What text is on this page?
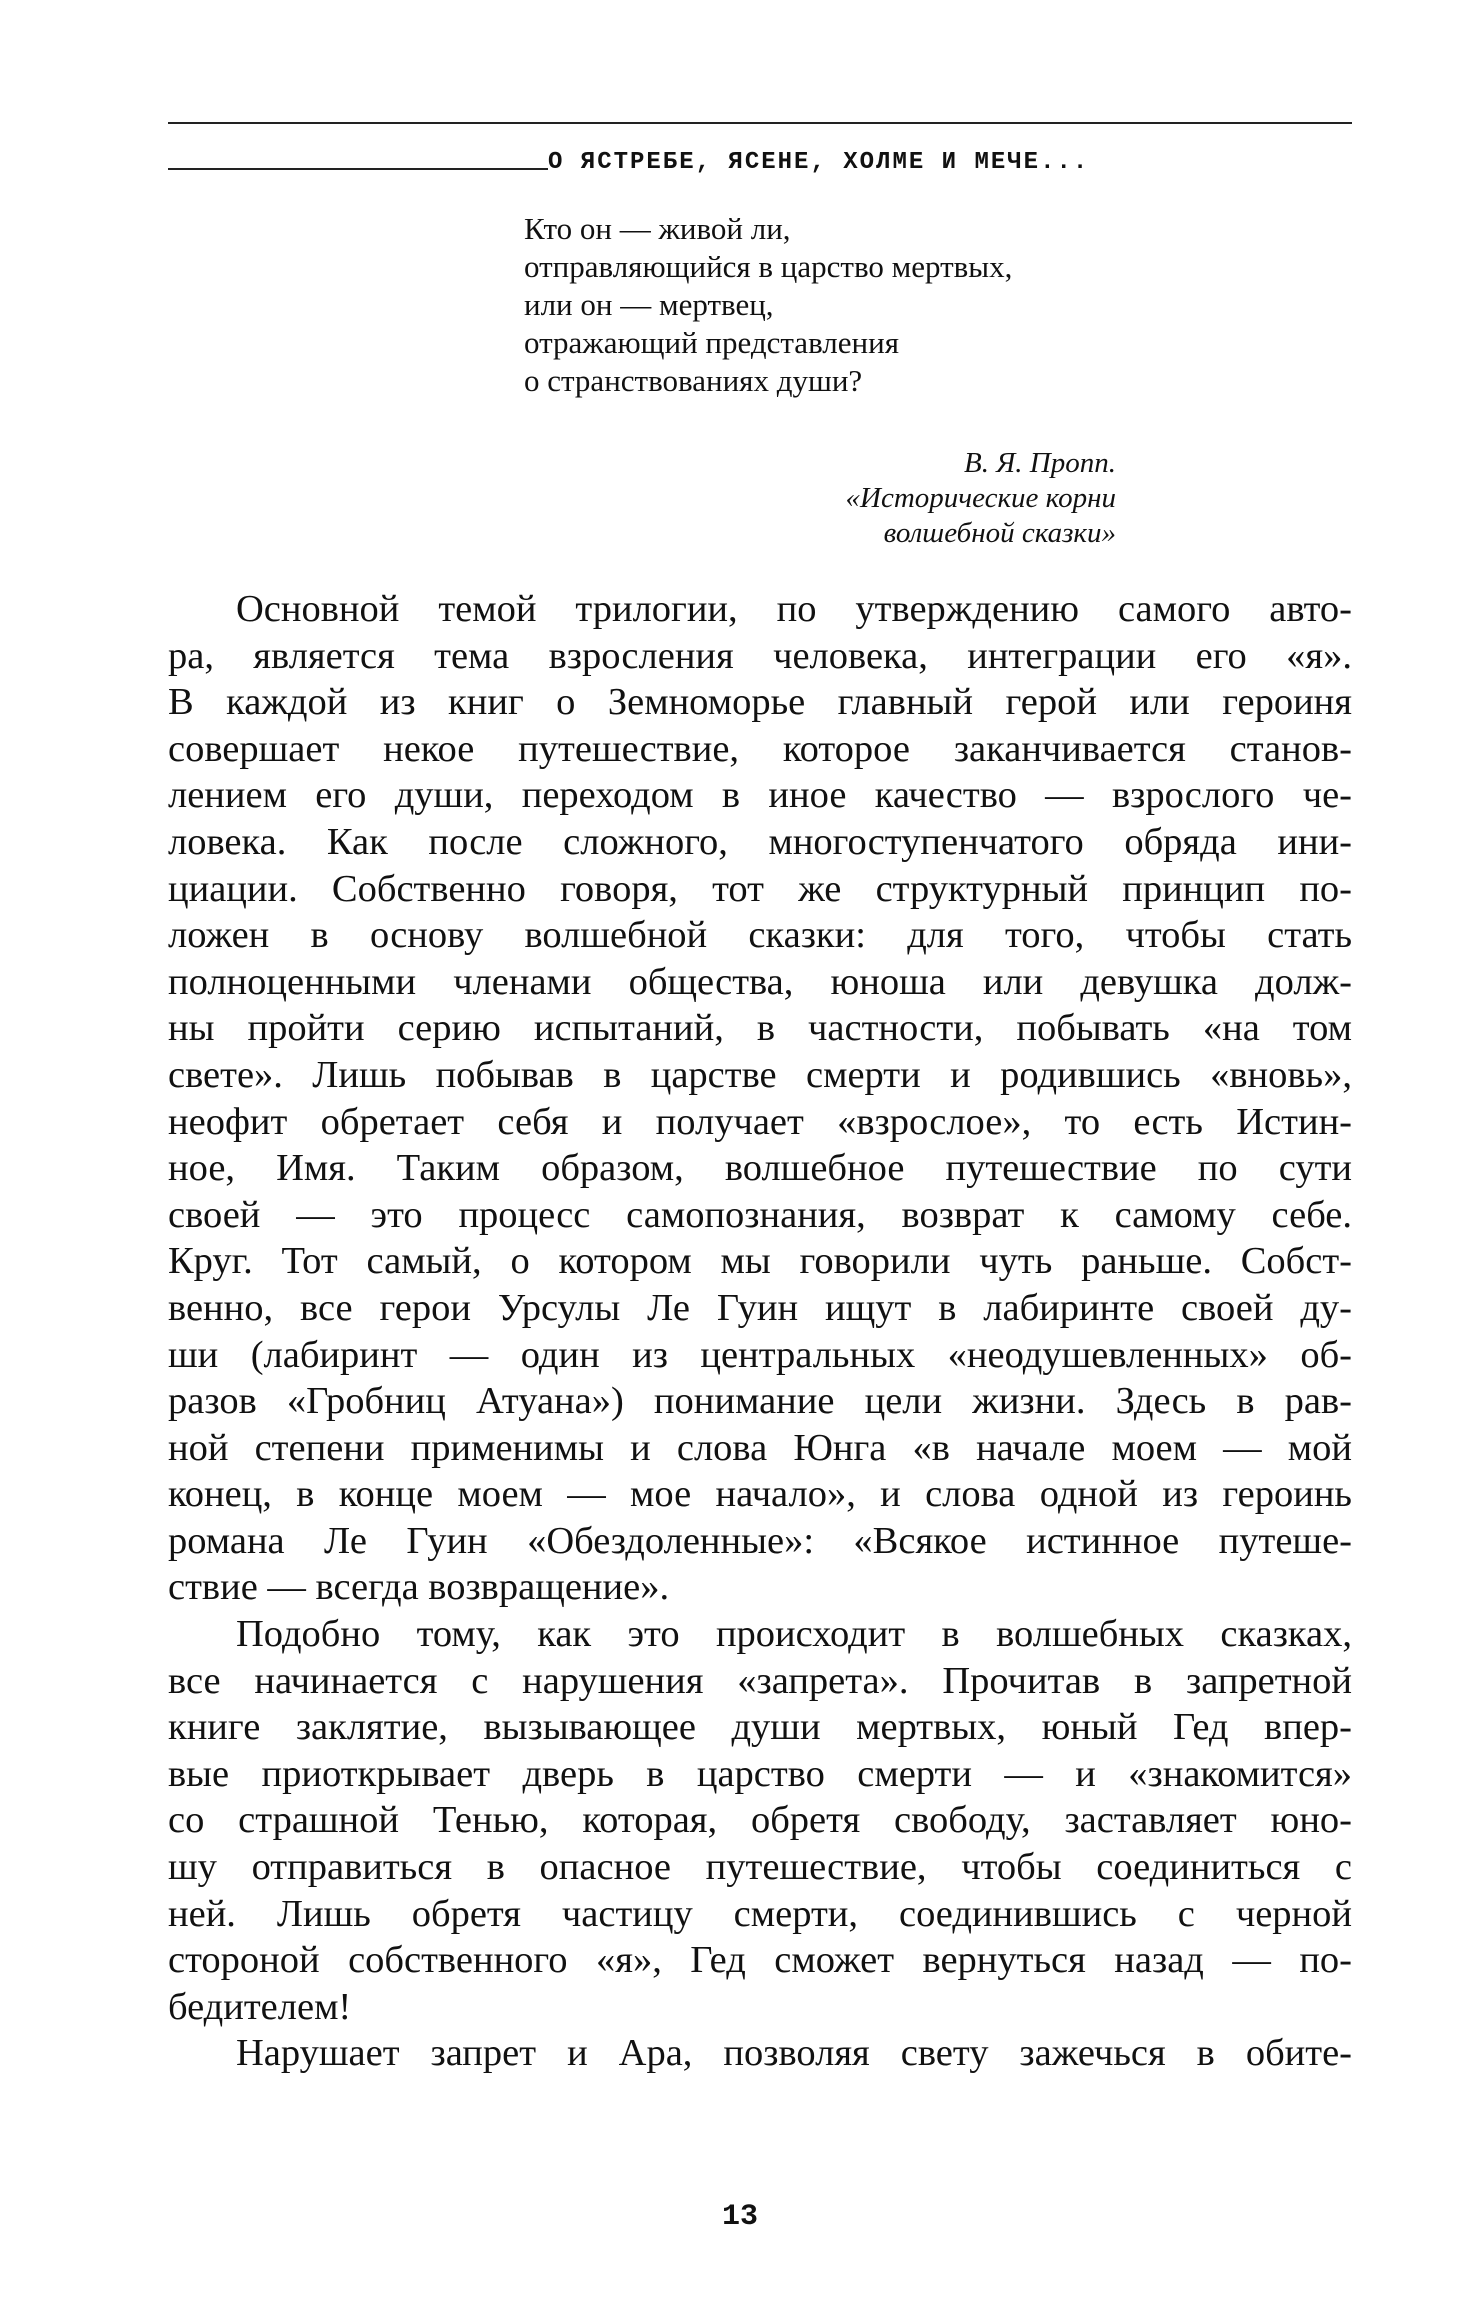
О ЯСТРЕБЕ, ЯСЕНЕ, ХОЛМЕ И МЕЧЕ...
Кто он — живой ли,
отправляющийся в царство мертвых,
или он — мертвец,
отражающий представления
о странствованиях души?
В. Я. Пропп.
«Исторические корни
волшебной сказки»
Основной темой трилогии, по утверждению самого авто-
ра, является тема взросления человека, интеграции его «я».
В каждой из книг о Земноморье главный герой или героиня
совершает некое путешествие, которое заканчивается станов-
лением его души, переходом в иное качество — взрослого че-
ловека. Как после сложного, многоступенчатого обряда ини-
циации. Собственно говоря, тот же структурный принцип по-
ложен в основу волшебной сказки: для того, чтобы стать
полноценными членами общества, юноша или девушка долж-
ны пройти серию испытаний, в частности, побывать «на том
свете». Лишь побывав в царстве смерти и родившись «вновь»,
неофит обретает себя и получает «взрослое», то есть Истин-
ное, Имя. Таким образом, волшебное путешествие по сути
своей — это процесс самопознания, возврат к самому себе.
Круг. Тот самый, о котором мы говорили чуть раньше. Собст-
венно, все герои Урсулы Ле Гуин ищут в лабиринте своей ду-
ши (лабиринт — один из центральных «неодушевленных» об-
разов «Гробниц Атуана») понимание цели жизни. Здесь в рав-
ной степени применимы и слова Юнга «в начале моем — мой
конец, в конце моем — мое начало», и слова одной из героинь
романа Ле Гуин «Обездоленные»: «Всякое истинное путеше-
ствие — всегда возвращение».
Подобно тому, как это происходит в волшебных сказках,
все начинается с нарушения «запрета». Прочитав в запретной
книге заклятие, вызывающее души мертвых, юный Гед впер-
вые приоткрывает дверь в царство смерти — и «знакомится»
со страшной Тенью, которая, обретя свободу, заставляет юно-
шу отправиться в опасное путешествие, чтобы соединиться с
ней. Лишь обретя частицу смерти, соединившись с черной
стороной собственного «я», Гед сможет вернуться назад — по-
бедителем!
Нарушает запрет и Ара, позволяя свету зажечься в обите-
13
